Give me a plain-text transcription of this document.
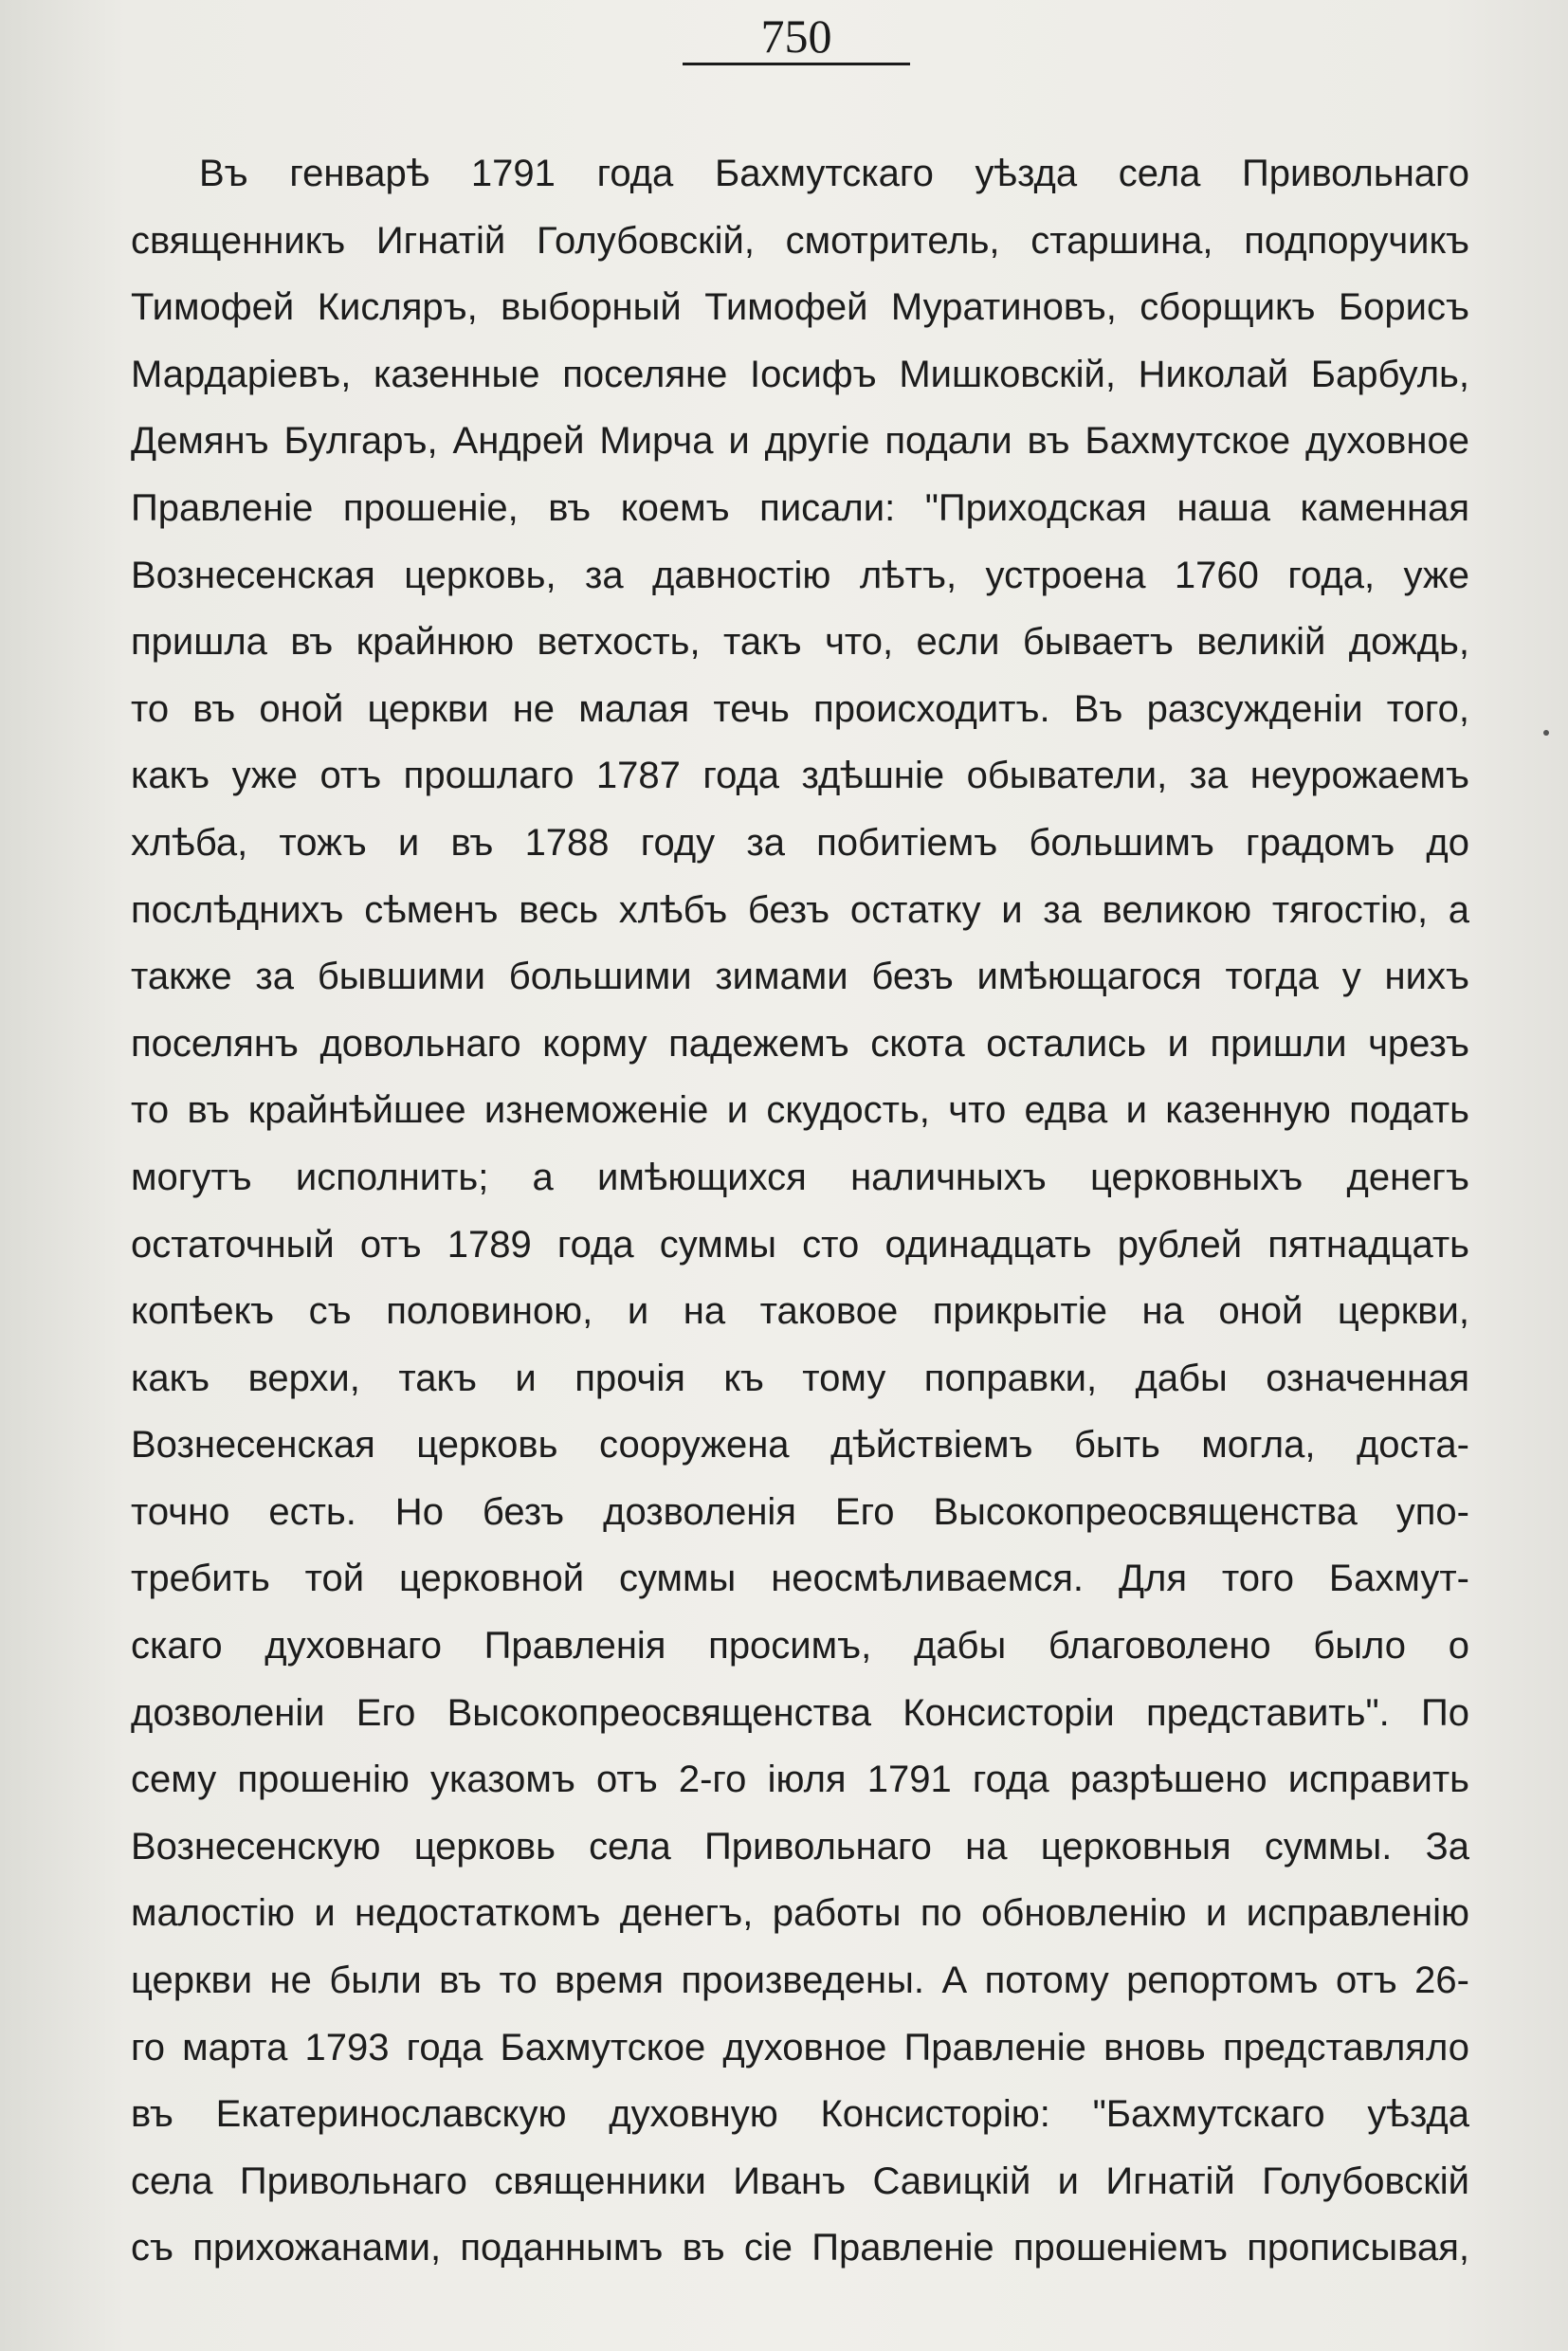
750
Въ генварѣ 1791 года Бахмутскаго уѣзда села Привольнаго
священникъ Игнатій Голубовскій, смотритель, старшина, подпоручикъ
Тимофей Кисляръ, выборный Тимофей Муратиновъ, сборщикъ Борисъ
Мардаріевъ, казенные поселяне Іосифъ Мишковскій, Николай Барбуль,
Демянъ Булгаръ, Андрей Мирча и другіе подали въ Бахмутское духовное
Правленіе прошеніе, въ коемъ писали: "Приходская наша каменная
Вознесенская церковь, за давностію лѣтъ, устроена 1760 года, уже
пришла въ крайнюю ветхость, такъ что, если бываетъ великій дождь,
то въ оной церкви не малая течь происходитъ. Въ разсужденіи того,
какъ уже отъ прошлаго 1787 года здѣшніе обыватели, за неурожаемъ
хлѣба, тожъ и въ 1788 году за побитіемъ большимъ градомъ до
послѣднихъ сѣменъ весь хлѣбъ безъ остатку и за великою тягостію, а
также за бывшими большими зимами безъ имѣющагося тогда у нихъ
поселянъ довольнаго корму падежемъ скота остались и пришли чрезъ
то въ крайнѣйшее изнеможеніе и скудость, что едва и казенную подать
могутъ исполнить; а имѣющихся наличныхъ церковныхъ денегъ
остаточный отъ 1789 года суммы сто одинадцать рублей пятнадцать
копѣекъ съ половиною, и на таковое прикрытіе на оной церкви,
какъ верхи, такъ и прочія къ тому поправки, дабы означенная
Вознесенская церковь сооружена дѣйствіемъ быть могла, доста-
точно есть. Но безъ дозволенія Его Высокопреосвященства упо-
требить той церковной суммы неосмѣливаемся. Для того Бахмут-
скаго духовнаго Правленія просимъ, дабы благоволено было о
дозволеніи Его Высокопреосвященства Консисторіи представить". По
сему прошенію указомъ отъ 2-го іюля 1791 года разрѣшено исправить
Вознесенскую церковь села Привольнаго на церковныя суммы. За
малостію и недостаткомъ денегъ, работы по обновленію и исправленію
церкви не были въ то время произведены. А потому репортомъ отъ 26-
го марта 1793 года Бахмутское духовное Правленіе вновь представляло
въ Екатеринославскую духовную Консисторію: "Бахмутскаго уѣзда
села Привольнаго священники Иванъ Савицкій и Игнатій Голубовскій
съ прихожанами, поданнымъ въ сіе Правленіе прошеніемъ прописывая,
